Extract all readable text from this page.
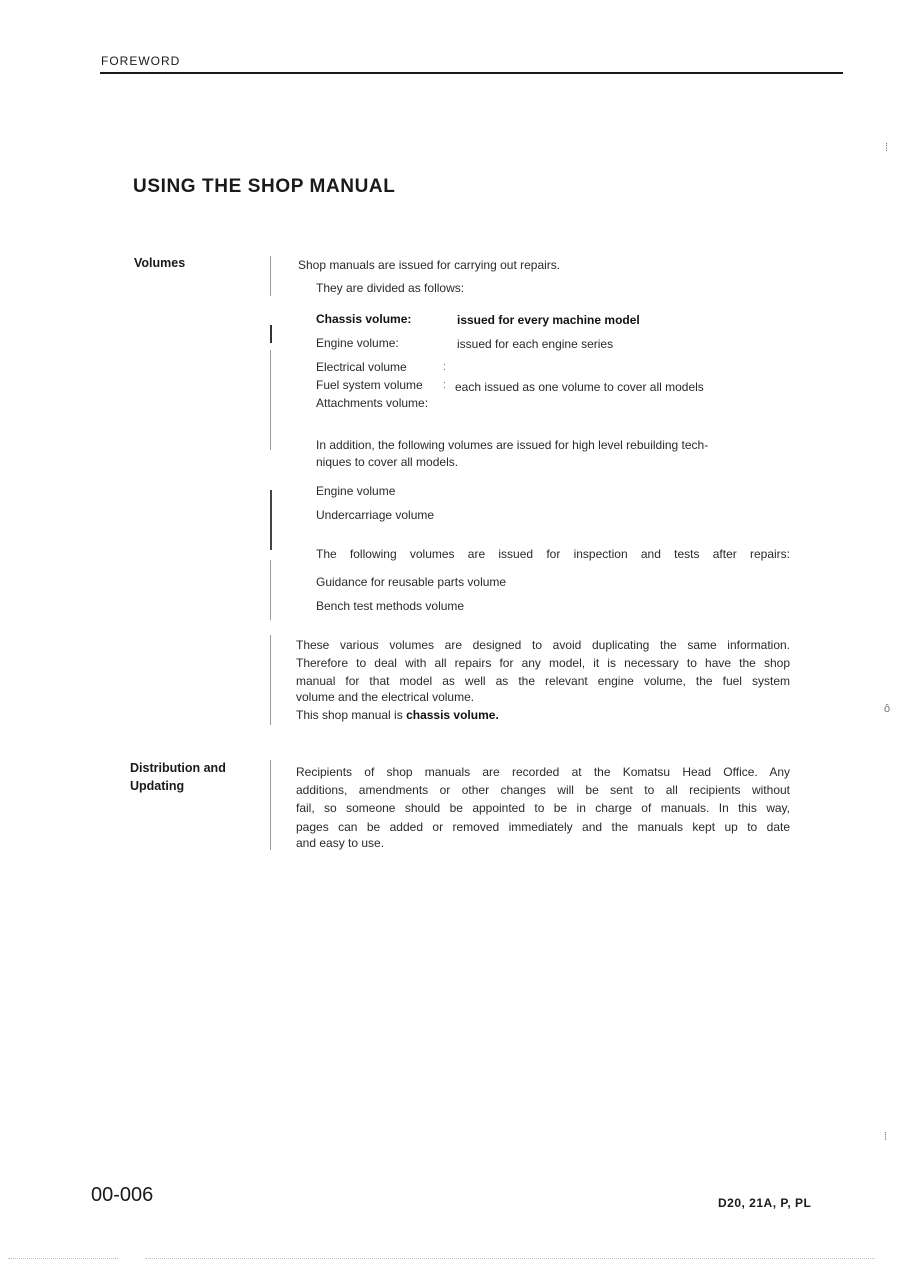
FOREWORD
USING THE SHOP MANUAL
Volumes
Distribution and
Updating
Shop manuals are issued for carrying out repairs.
They are divided as follows:
Chassis volume:	issued for every machine model
Engine volume:	issued for each engine series
Electrical volume
Fuel system volume
Attachments volume:
:
: each issued as one volume to cover all models
In addition, the following volumes are issued for high level rebuilding tech-
niques to cover all models.
Engine volume
Undercarriage volume
The following volumes are issued for inspection and tests after repairs:
Guidance for reusable parts volume
Bench test methods volume
These various volumes are designed to avoid duplicating the same information.
Therefore to deal with all repairs for any model, it is necessary to have the shop
manual for that model as well as the relevant engine volume, the fuel system
volume and the electrical volume.
This shop manual is chassis volume.
Recipients of shop manuals are recorded at the Komatsu Head Office. Any
additions, amendments or other changes will be sent to all recipients without
fail, so someone should be appointed to be in charge of manuals. In this way,
pages can be added or removed immediately and the manuals kept up to date
and easy to use.
00-006	D20, 21A, P, PL
⁞
ô
⁞
